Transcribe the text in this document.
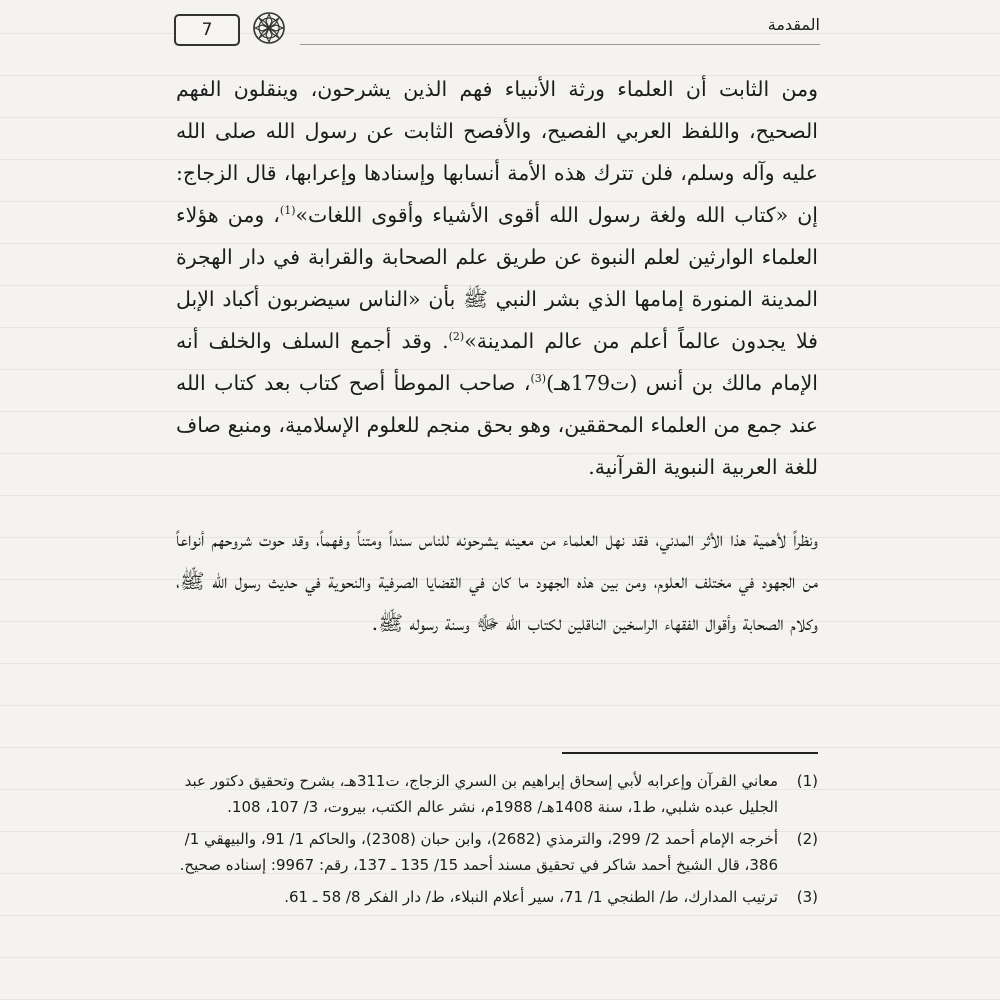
7	المقدمة

ومن الثابت أن العلماء ورثة الأنبياء فهم الذين يشرحون، وينقلون الفهم الصحيح، واللفظ العربي الفصيح، والأفصح الثابت عن رسول الله صلى الله عليه وآله وسلم، فلن تترك هذه الأمة أنسابها وإسنادها وإعرابها، قال الزجاج: إن «كتاب الله ولغة رسول الله أقوى الأشياء وأقوى اللغات»$^{(1)}$، ومن هؤلاء العلماء الوارثين لعلم النبوة عن طريق علم الصحابة والقرابة في دار الهجرة المدينة المنورة إمامها الذي بشر النبي ﷺ بأن «الناس سيضربون أكباد الإبل فلا يجدون عالماً أعلم من عالم المدينة»$^{(2)}$. وقد أجمع السلف والخلف أنه الإمام مالك بن أنس (ت179هـ)$^{(3)}$، صاحب الموطأ أصح كتاب بعد كتاب الله عند جمع من العلماء المحققين، وهو بحق منجم للعلوم الإسلامية، ومنبع صاف للغة العربية النبوية القرآنية.

ونظراً لأهمية هذا الأثر المدني، فقد نهل العلماء من معينه يشرحونه للناس سنداً ومتناً وفهماً، وقد حوت شروحهم أنواعاً من الجهود في مختلف العلوم، ومن بين هذه الجهود ما كان في القضايا الصرفية والنحوية في حديث رسول الله ﷺ، وكلام الصحابة وأقوال الفقهاء الراسخين الناقلين لكتاب الله ﷻ وسنة رسوله ﷺ.

(1)
معاني القرآن وإعرابه لأبي إسحاق إبراهيم بن السري الزجاج، ت311هـ، بشرح وتحقيق دكتور عبد الجليل عبده شلبي، ط1، سنة 1408هـ/ 1988م، نشر عالم الكتب، بيروت، 3/ 107، 108.
(2)
أخرجه الإمام أحمد 2/ 299، والترمذي (2682)، وابن حبان (2308)، والحاكم 1/ 91، والبيهقي 1/ 386، قال الشيخ أحمد شاكر في تحقيق مسند أحمد 15/ 135 ـ 137، رقم: 9967: إسناده صحيح.
(3)
ترتيب المدارك، ط/ الطنجي 1/ 71، سير أعلام النبلاء، ط/ دار الفكر 8/ 58 ـ 61.
